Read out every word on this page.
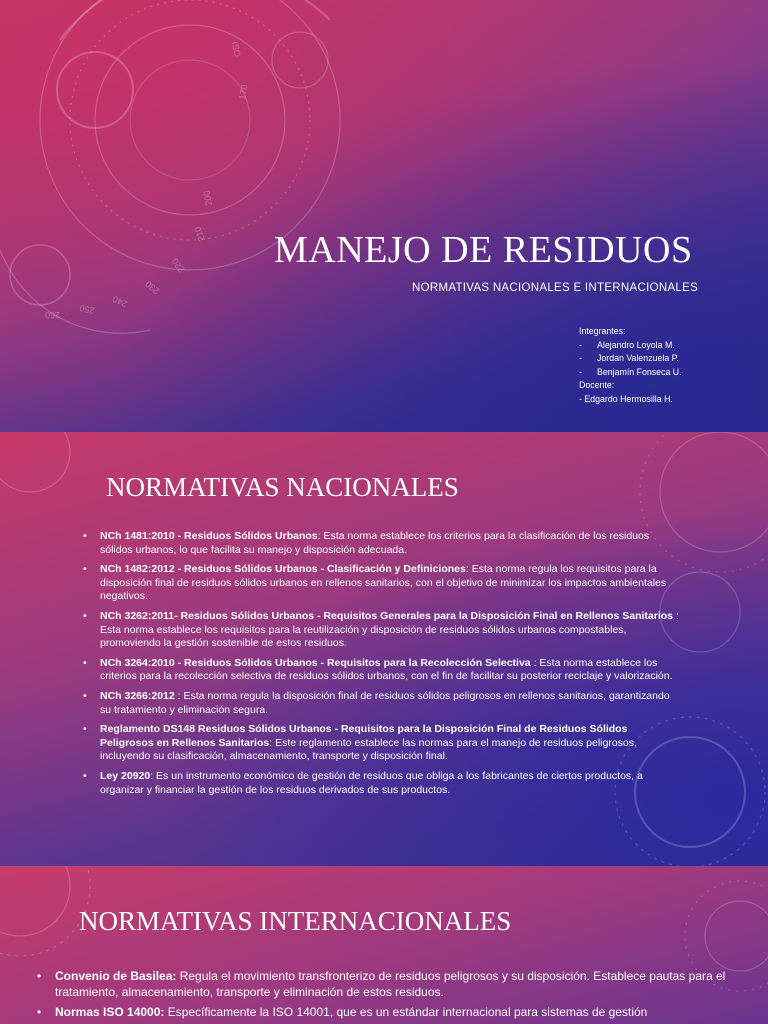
ISO
200
210
220
230
240
250
260
170
MANEJO DE RESIDUOS
NORMATIVAS NACIONALES E INTERNACIONALES
Integrantes:
- Alejandro Loyola M.
- Jordan Valenzuela P.
- Benjamín Fonseca U.
Docente:
- Edgardo Hermosilla H.
NORMATIVAS NACIONALES
• NCh 1481:2010 - Residuos Sólidos Urbanos: Esta norma establece los criterios para la clasificación de los residuos sólidos urbanos, lo que facilita su manejo y disposición adecuada.
• NCh 1482:2012 - Residuos Sólidos Urbanos - Clasificación y Definiciones: Esta norma regula los requisitos para la disposición final de residuos sólidos urbanos en rellenos sanitarios, con el objetivo de minimizar los impactos ambientales negativos.
• NCh 3262:2011- Residuos Sólidos Urbanos - Requisitos Generales para la Disposición Final en Rellenos Sanitarios : Esta norma establece los requisitos para la reutilización y disposición de residuos sólidos urbanos compostables, promoviendo la gestión sostenible de estos residuos.
• NCh 3264:2010 - Residuos Sólidos Urbanos - Requisitos para la Recolección Selectiva : Esta norma establece los criterios para la recolección selectiva de residuos sólidos urbanos, con el fin de facilitar su posterior reciclaje y valorización.
• NCh 3266:2012 : Esta norma regula la disposición final de residuos sólidos peligrosos en rellenos sanitarios, garantizando su tratamiento y eliminación segura.
• Reglamento DS148 Residuos Sólidos Urbanos - Requisitos para la Disposición Final de Residuos Sólidos Peligrosos en Rellenos Sanitarios: Este reglamento establece las normas para el manejo de residuos peligrosos, incluyendo su clasificación, almacenamiento, transporte y disposición final.
• Ley 20920: Es un instrumento económico de gestión de residuos que obliga a los fabricantes de ciertos productos, a organizar y financiar la gestión de los residuos derivados de sus productos.
NORMATIVAS INTERNACIONALES
• Convenio de Basilea: Regula el movimiento transfronterizo de residuos peligrosos y su disposición. Establece pautas para el tratamiento, almacenamiento, transporte y eliminación de estos residuos.
• Normas ISO 14000: Específicamente la ISO 14001, que es un estándar internacional para sistemas de gestión
